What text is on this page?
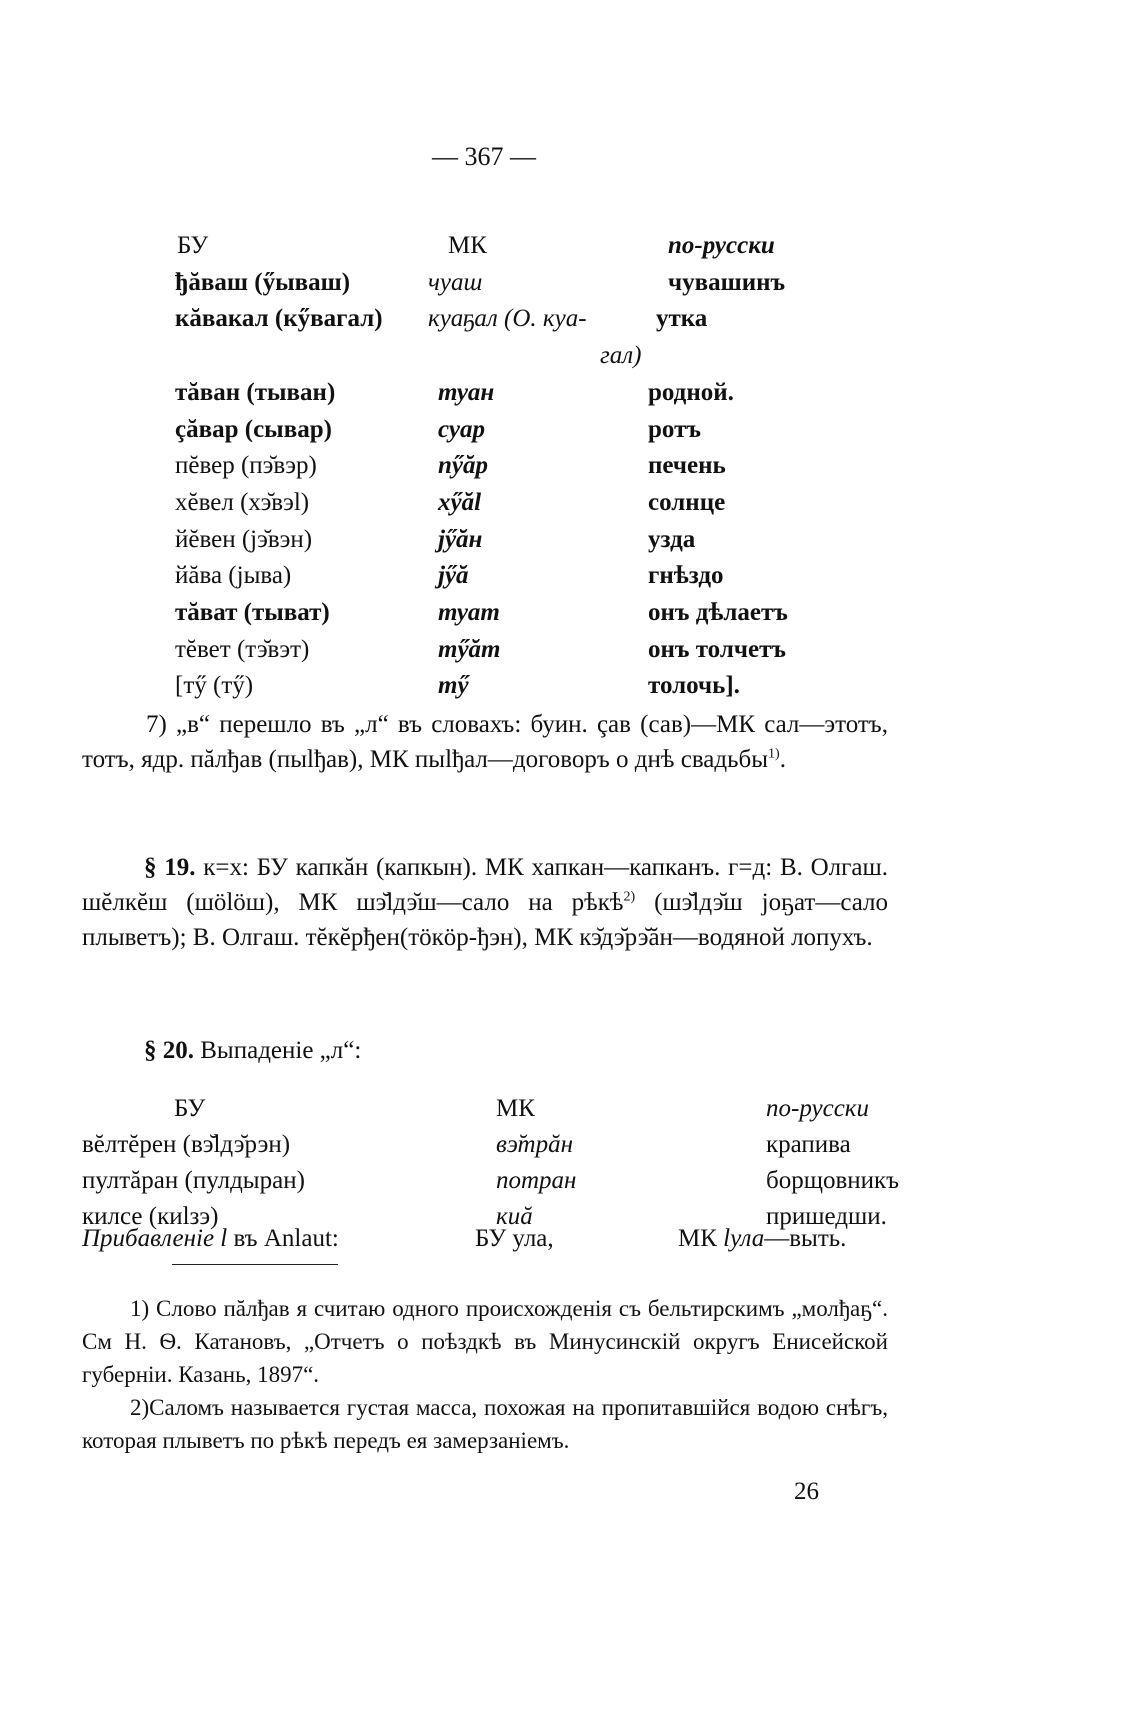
— 367 —
БУ	МК	по-русски
ђăваш (ӳываш)	чуаш	чувашинъ
кăвакал (кӳвагал)	куаҕал (О. куа-	утка
	гал)	
тăван (тыван)	туан	родной.
çăвар (сывар)	суар	ротъ
пĕвер (пэ̆вэр)	пӳăр	печень
хĕвел (хэ̆вэl)	хӳăl	солнце
йĕвен (јэ̆вэн)	јӳăн	узда
йăва (јыва)	јӳă	гнѣздо
тăват (тыват)	туат	онъ дѣлаетъ
тĕвет (тэ̆вэт)	тӳăт	онъ толчетъ
[тӳ (тӳ)	тӳ	толочь].

7) „в“ перешло въ „л“ въ словахъ: буин. çав (сав)—МК сал—этотъ, тотъ, ядр. пăлђав (пыlђав), МК пыlђал—договоръ о днѣ свадьбы$^{1)}$.

§ 19. к=х: БУ капкăн (капкын). МК хапкан—капканъ. г=д: В. Олгаш. шĕлкĕш (шӧlӧш), МК шэ̆lдэ̆ш—сало на рѣкѣ$^{2)}$ (шэ̆lдэ̆ш јоҕат—сало плыветъ); В. Олгаш. тĕкĕрђен(тӧкӧр-ђэн), МК кэ̆дэ̆рэ̆ăн—водяной лопухъ.

§ 20. Выпаденіе „л“:
БУ	МК	по-русски
вĕлтĕрен (вэ̆lдэ̆рэн)	вэ̆трăн	крапива
пултăран (пулдыран)	потран	борщовникъ
килсе (киlзэ)	киă	пришедши.
Прибавленіе l въ Anlaut:	БУ ула,	МК lула—выть.

1) Слово пăлђав я считаю одного происхожденія съ бельтирскимъ „молђаҕ“. См Н. Ѳ. Катановъ, „Отчетъ о поѣздкѣ въ Минусинскій округъ Енисейской губерніи. Казань, 1897“.

2)Саломъ называется густая масса, похожая на пропитавшійся водою снѣгъ, которая плыветъ по рѣкѣ передъ ея замерзаніемъ.

26
